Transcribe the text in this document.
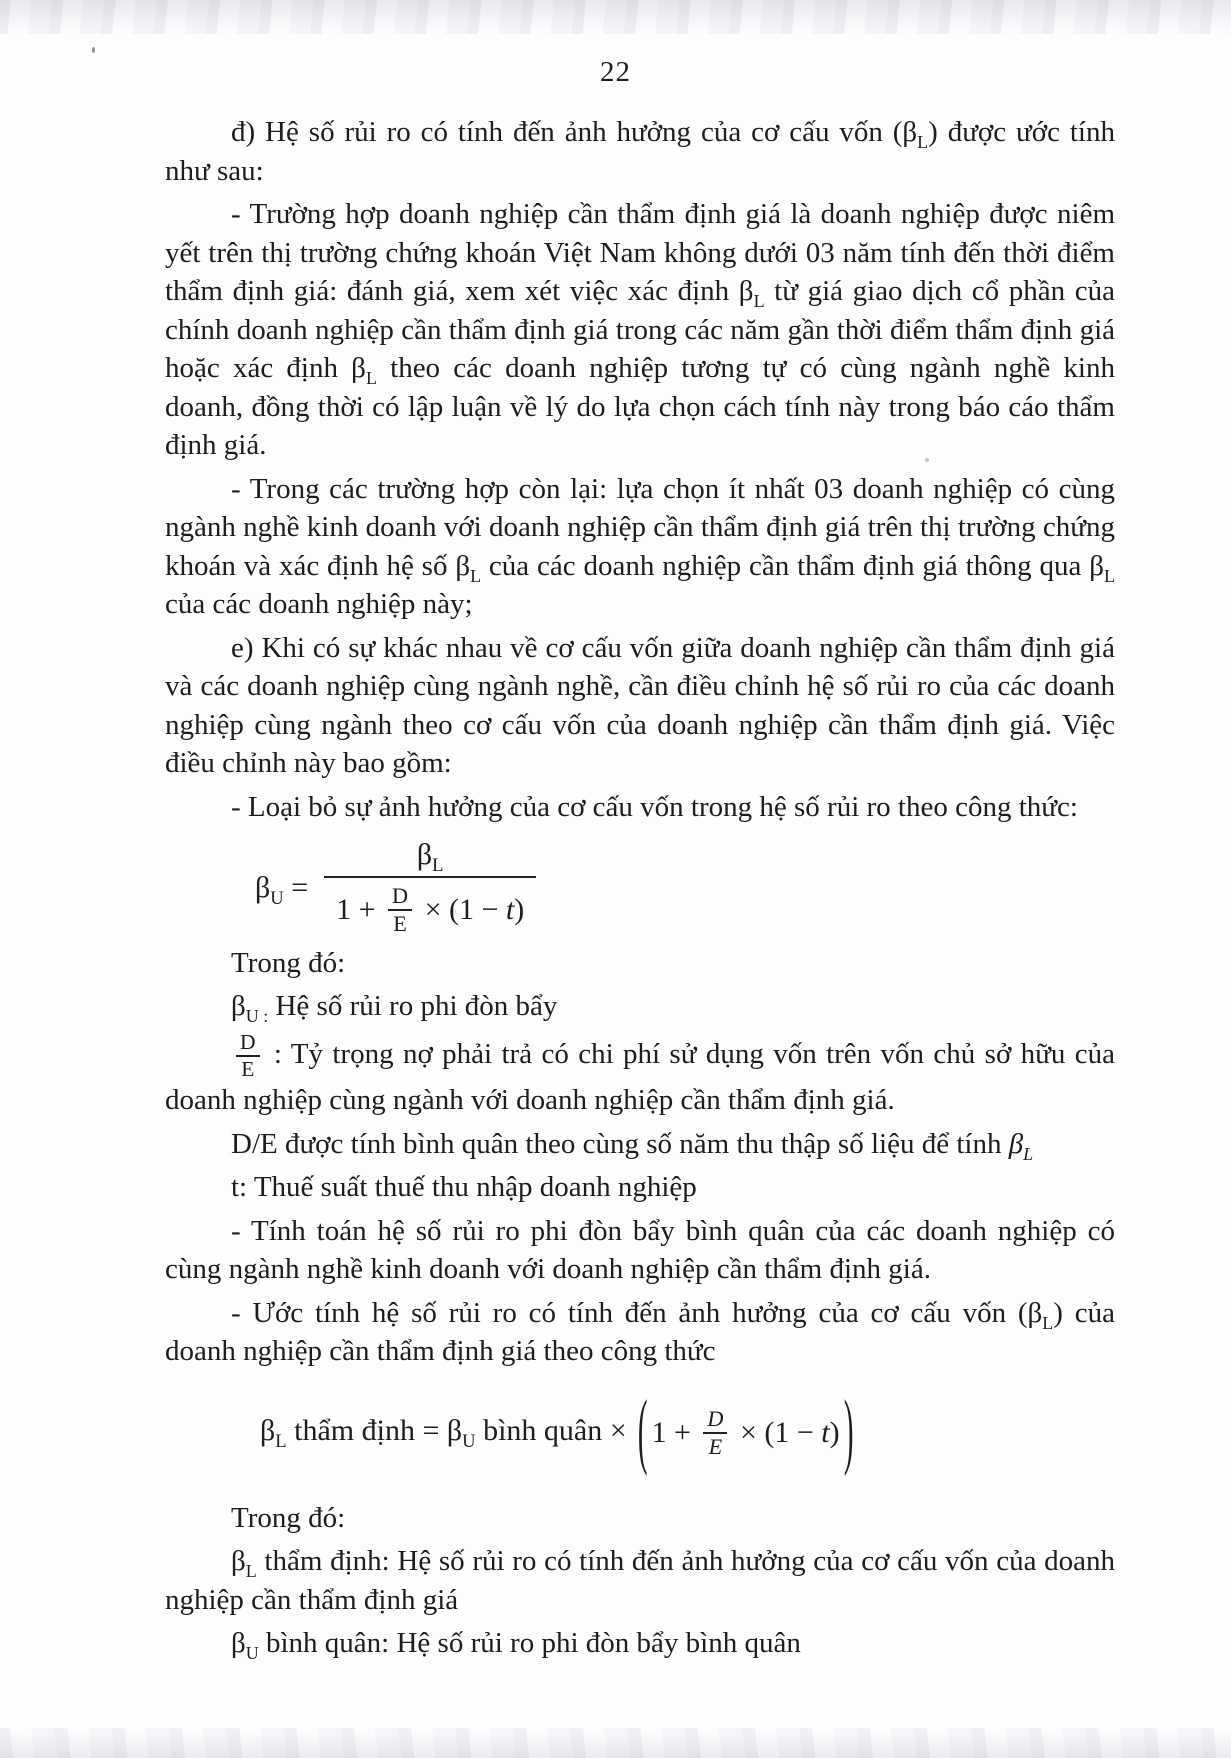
22

đ) Hệ số rủi ro có tính đến ảnh hưởng của cơ cấu vốn $(\beta_L)$ được ước tính như sau:

- Trường hợp doanh nghiệp cần thẩm định giá là doanh nghiệp được niêm yết trên thị trường chứng khoán Việt Nam không dưới 03 năm tính đến thời điểm thẩm định giá: đánh giá, xem xét việc xác định $\beta_L$ từ giá giao dịch cổ phần của chính doanh nghiệp cần thẩm định giá trong các năm gần thời điểm thẩm định giá hoặc xác định $\beta_L$ theo các doanh nghiệp tương tự có cùng ngành nghề kinh doanh, đồng thời có lập luận về lý do lựa chọn cách tính này trong báo cáo thẩm định giá.

- Trong các trường hợp còn lại: lựa chọn ít nhất 03 doanh nghiệp có cùng ngành nghề kinh doanh với doanh nghiệp cần thẩm định giá trên thị trường chứng khoán và xác định hệ số $\beta_L$ của các doanh nghiệp cần thẩm định giá thông qua $\beta_L$ của các doanh nghiệp này;

e) Khi có sự khác nhau về cơ cấu vốn giữa doanh nghiệp cần thẩm định giá và các doanh nghiệp cùng ngành nghề, cần điều chỉnh hệ số rủi ro của các doanh nghiệp cùng ngành theo cơ cấu vốn của doanh nghiệp cần thẩm định giá. Việc điều chỉnh này bao gồm:

- Loại bỏ sự ảnh hưởng của cơ cấu vốn trong hệ số rủi ro theo công thức:

$\beta_U = \frac{\beta_L}{1 + \frac{D}{E} \times (1 - t )}$

Trong đó:

$\beta_{U :}$ Hệ số rủi ro phi đòn bẩy

$\frac{D}{E}$ : Tỷ trọng nợ phải trả có chi phí sử dụng vốn trên vốn chủ sở hữu của doanh nghiệp cùng ngành với doanh nghiệp cần thẩm định giá.

D/E được tính bình quân theo cùng số năm thu thập số liệu để tính $\beta_L$

t: Thuế suất thuế thu nhập doanh nghiệp

- Tính toán hệ số rủi ro phi đòn bẩy bình quân của các doanh nghiệp có cùng ngành nghề kinh doanh với doanh nghiệp cần thẩm định giá.

- Ước tính hệ số rủi ro có tính đến ảnh hưởng của cơ cấu vốn $(\beta_L)$ của doanh nghiệp cần thẩm định giá theo công thức

$\beta_L$ thẩm định = $\beta_U$ bình quân × ( $1 + \frac{D}{E} \times (1 - t$ ) )

Trong đó:

$\beta_L$ thẩm định: Hệ số rủi ro có tính đến ảnh hưởng của cơ cấu vốn của doanh nghiệp cần thẩm định giá

$\beta_U$ bình quân: Hệ số rủi ro phi đòn bẩy bình quân
